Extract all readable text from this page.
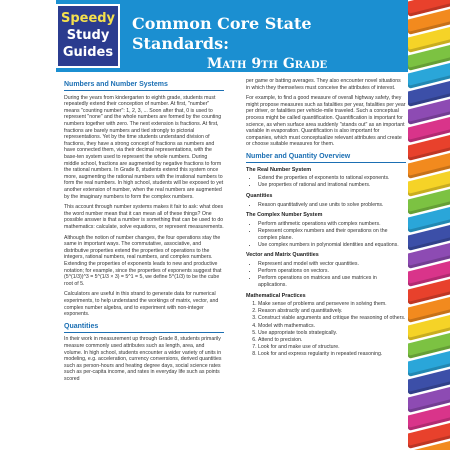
Speedy
Study
Guides
Common Core State Standards:
Math 9th Grade
Numbers and Number Systems

During the years from kindergarten to eighth grade, students must repeatedly extend their conception of number. At first, "number" means "counting number": 1, 2, 3, ... Soon after that, 0 is used to represent "none" and the whole numbers are formed by the counting numbers together with zero. The next extension is fractions. At first, fractions are barely numbers and tied strongly to pictorial representations. Yet by the time students understand division of fractions, they have a strong concept of fractions as numbers and have connected them, via their decimal representations, with the base-ten system used to represent the whole numbers. During middle school, fractions are augmented by negative fractions to form the rational numbers. In Grade 8, students extend this system once more, augmenting the rational numbers with the irrational numbers to form the real numbers. In high school, students will be exposed to yet another extension of number, when the real numbers are augmented by the imaginary numbers to form the complex numbers.

This account through number systems makes it fair to ask: what does the word number mean that it can mean all of these things? One possible answer is that a number is something that can be used to do mathematics: calculate, solve equations, or represent measurements.

Although the notion of number changes, the four operations stay the same in important ways. The commutative, associative, and distributive properties extend the properties of operations to the integers, rational numbers, real numbers, and complex numbers. Extending the properties of exponents leads to new and productive notation; for example, since the properties of exponents suggest that (5^(1/3))^3 = 5^(1/3 × 3) = 5^1 = 5, we define 5^(1/3) to be the cube root of 5.

Calculators are useful in this strand to generate data for numerical experiments, to help understand the workings of matrix, vector, and complex number algebra, and to experiment with non-integer exponents.

Quantities

In their work in measurement up through Grade 8, students primarily measure commonly used attributes such as length, area, and volume. In high school, students encounter a wider variety of units in modeling, e.g. acceleration, currency conversions, derived quantities such as person-hours and heating degree days, social science rates such as per-capita income, and rates in everyday life such as points scored

per game or batting averages. They also encounter novel situations in which they themselves must conceive the attributes of interest.

For example, to find a good measure of overall highway safety, they might propose measures such as fatalities per year, fatalities per year per driver, or fatalities per vehicle-mile traveled. Such a conceptual process might be called quantification. Quantification is important for science, as when surface area suddenly "stands out" as an important variable in evaporation. Quantification is also important for companies, which must conceptualize relevant attributes and create or choose suitable measures for them.

Number and Quantity Overview
The Real Number System
• Extend the properties of exponents to rational exponents.
• Use properties of rational and irrational numbers.
Quantities
• Reason quantitatively and use units to solve problems.
The Complex Number System
• Perform arithmetic operations with complex numbers.
• Represent complex numbers and their operations on the complex plane.
• Use complex numbers in polynomial identities and equations.
Vector and Matrix Quantities
• Represent and model with vector quantities.
• Perform operations on vectors.
• Perform operations on matrices and use matrices in applications.
Mathematical Practices
1. Make sense of problems and persevere in solving them.
2. Reason abstractly and quantitatively.
3. Construct viable arguments and critique the reasoning of others.
4. Model with mathematics.
5. Use appropriate tools strategically.
6. Attend to precision.
7. Look for and make use of structure.
8. Look for and express regularity in repeated reasoning.
